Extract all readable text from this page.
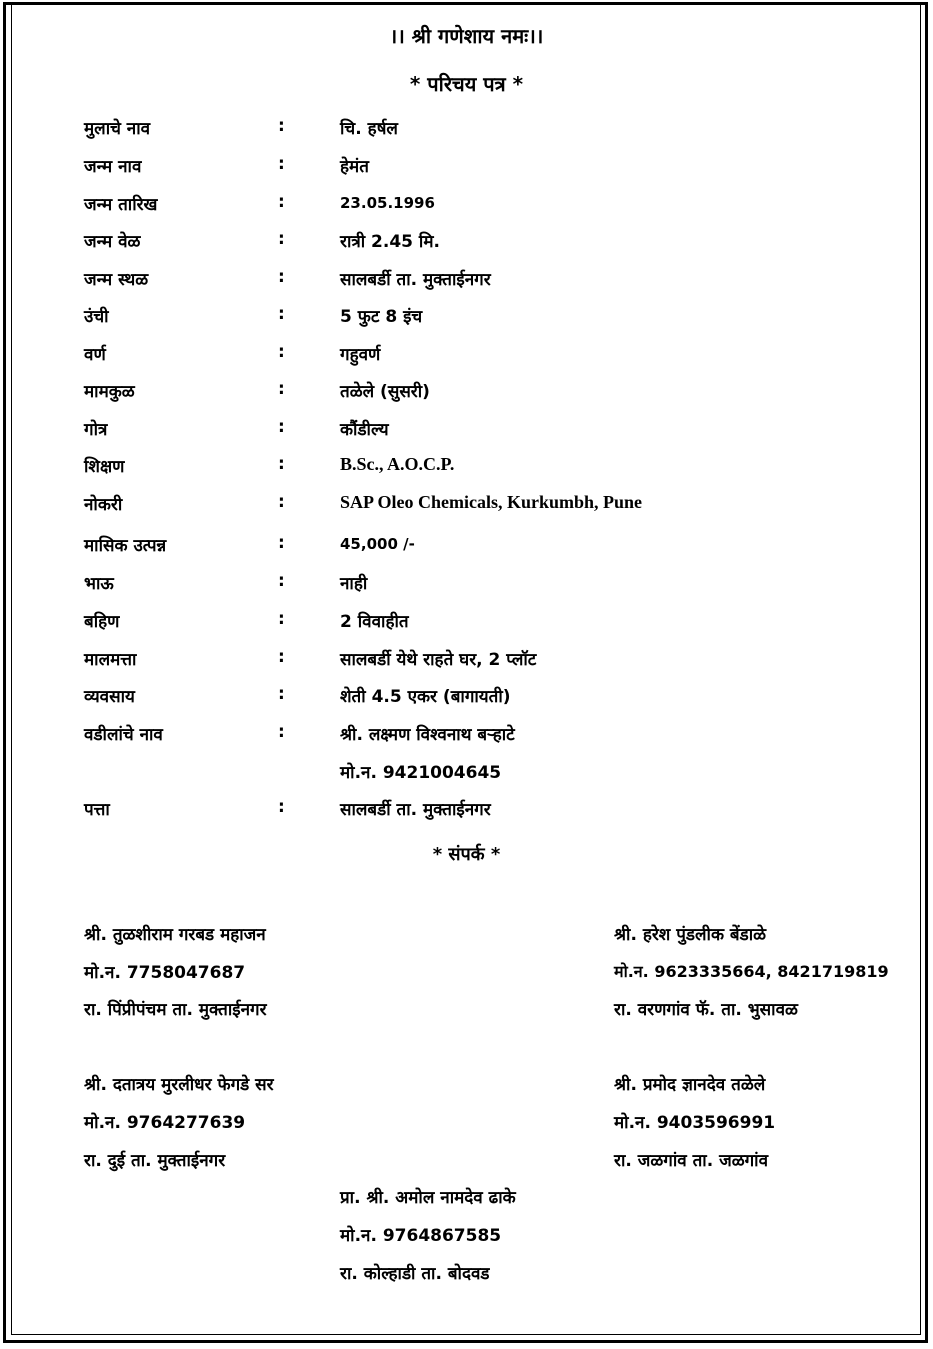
।। श्री गणेशाय नमः।।
* परिचय पत्र *
मुलाचे नाव	:	चि. हर्षल
जन्म नाव	:	हेमंत
जन्म तारिख	:	23.05.1996
जन्म वेळ	:	रात्री 2.45 मि.
जन्म स्थळ	:	सालबर्डी ता. मुक्ताईनगर
उंची	:	5 फुट 8 इंच
वर्ण	:	गहुवर्ण
मामकुळ	:	तळेले (सुसरी)
गोत्र	:	कौंडील्य
शिक्षण	:	B.Sc., A.O.C.P.
नोकरी	:	SAP Oleo Chemicals, Kurkumbh, Pune
मासिक उत्पन्न	:	45,000 /-
भाऊ	:	नाही
बहिण	:	2 विवाहीत
मालमत्ता	:	सालबर्डी येथे राहते घर, 2 प्लॉट
व्यवसाय	:	शेती 4.5 एकर (बागायती)
वडीलांचे नाव	:	श्री. लक्ष्मण विश्वनाथ बऱ्हाटे
मो.न. 9421004645
पत्ता	:	सालबर्डी ता. मुक्ताईनगर
* संपर्क *
श्री. तुळशीराम गरबड महाजन
मो.न. 7758047687
रा. पिंप्रीपंचम ता. मुक्ताईनगर
श्री. हरेश पुंडलीक बेंडाळे
मो.न. 9623335664, 8421719819
रा. वरणगांव फॅ. ता. भुसावळ
श्री. दतात्रय मुरलीधर फेगडे सर
मो.न. 9764277639
रा. दुई ता. मुक्ताईनगर
श्री. प्रमोद ज्ञानदेव तळेले
मो.न. 9403596991
रा. जळगांव ता. जळगांव
प्रा. श्री. अमोल नामदेव ढाके
मो.न. 9764867585
रा. कोल्हाडी ता. बोदवड
